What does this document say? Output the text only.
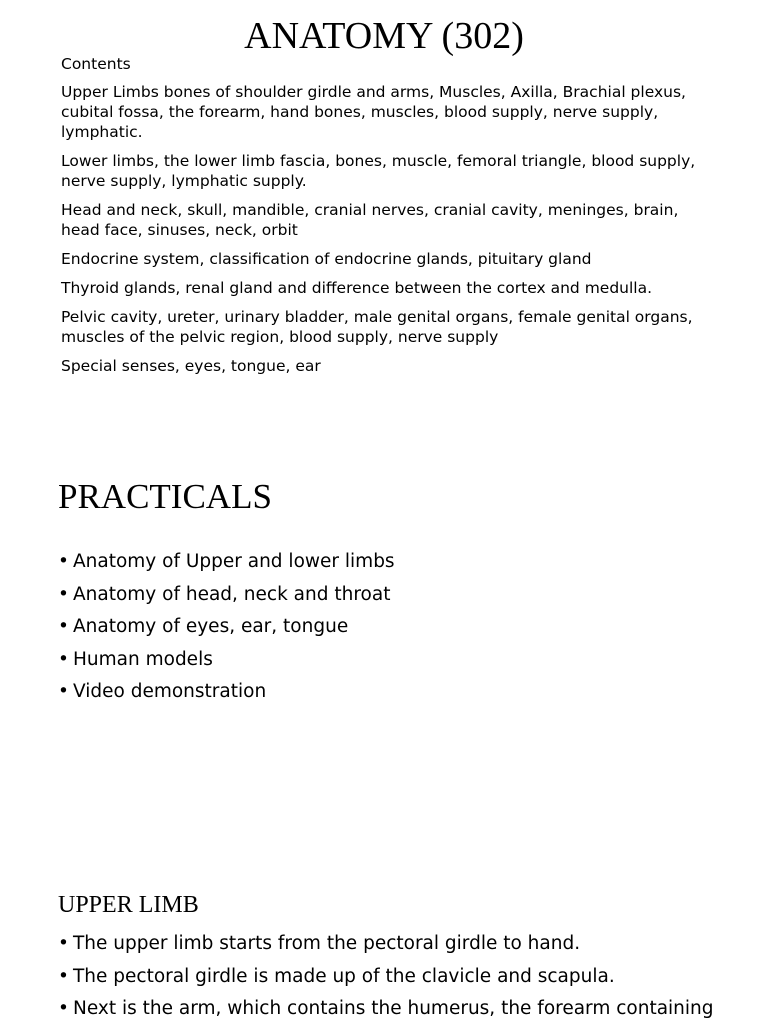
ANATOMY (302)
Contents

Upper Limbs bones of shoulder girdle and arms, Muscles, Axilla, Brachial plexus, cubital fossa, the forearm, hand bones, muscles, blood supply, nerve supply, lymphatic.

Lower limbs, the lower limb fascia, bones, muscle, femoral triangle, blood supply, nerve supply, lymphatic supply.

Head and neck, skull, mandible, cranial nerves, cranial cavity, meninges, brain, head face, sinuses, neck, orbit

Endocrine system, classification of endocrine glands, pituitary gland

Thyroid glands, renal gland and difference between the cortex and medulla.

Pelvic cavity, ureter, urinary bladder, male genital organs, female genital organs, muscles of the pelvic region, blood supply, nerve supply

Special senses, eyes, tongue, ear

PRACTICALS
• Anatomy of Upper and lower limbs
• Anatomy of head, neck and throat
• Anatomy of eyes, ear, tongue
• Human models
• Video demonstration
UPPER LIMB
• The upper limb starts from the pectoral girdle to hand.
• The pectoral girdle is made up of the clavicle and scapula.
• Next is the arm, which contains the humerus, the forearm containing
